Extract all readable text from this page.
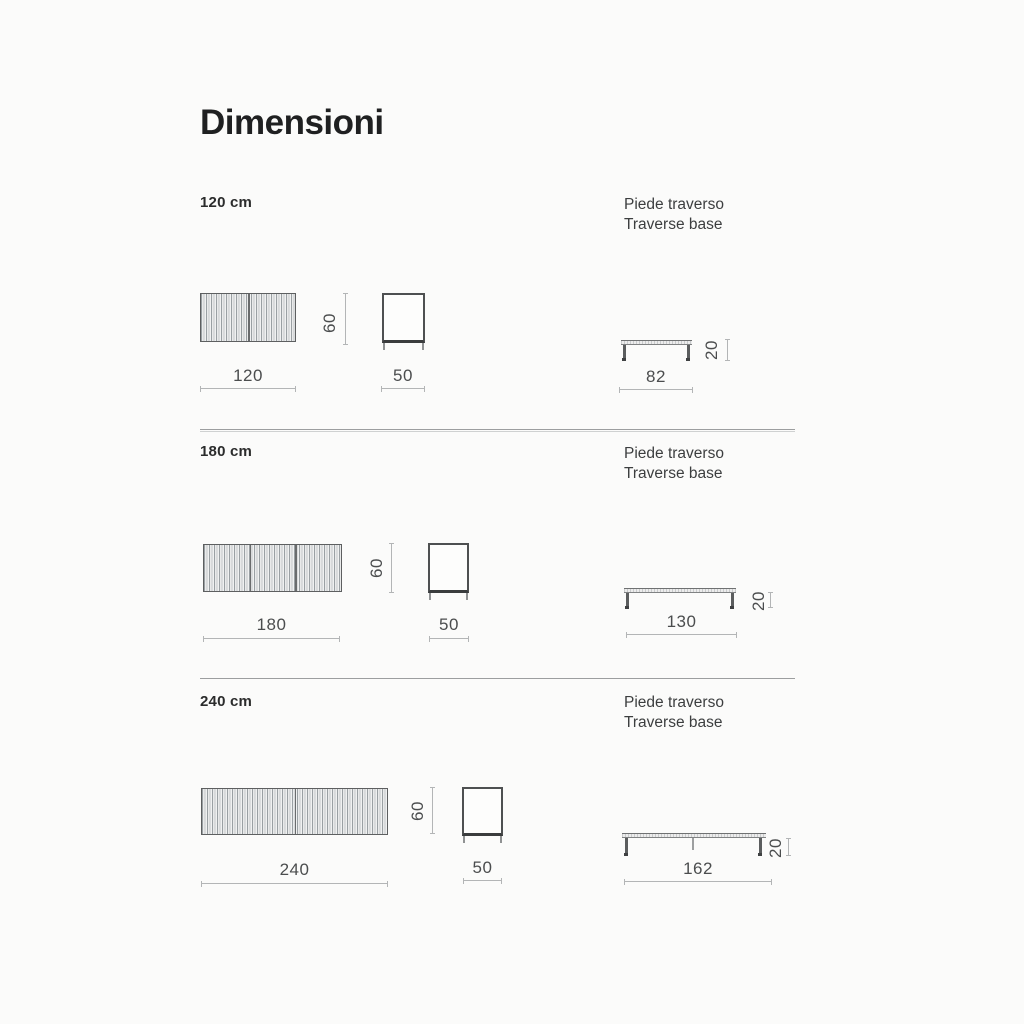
Dimensioni
120 cm	Piede traverso
Traverse base
120
60
50	82
20
180 cm	Piede traverso
Traverse base
180
60
50	130
20
240 cm	Piede traverso
Traverse base
240
60
50	162
20
